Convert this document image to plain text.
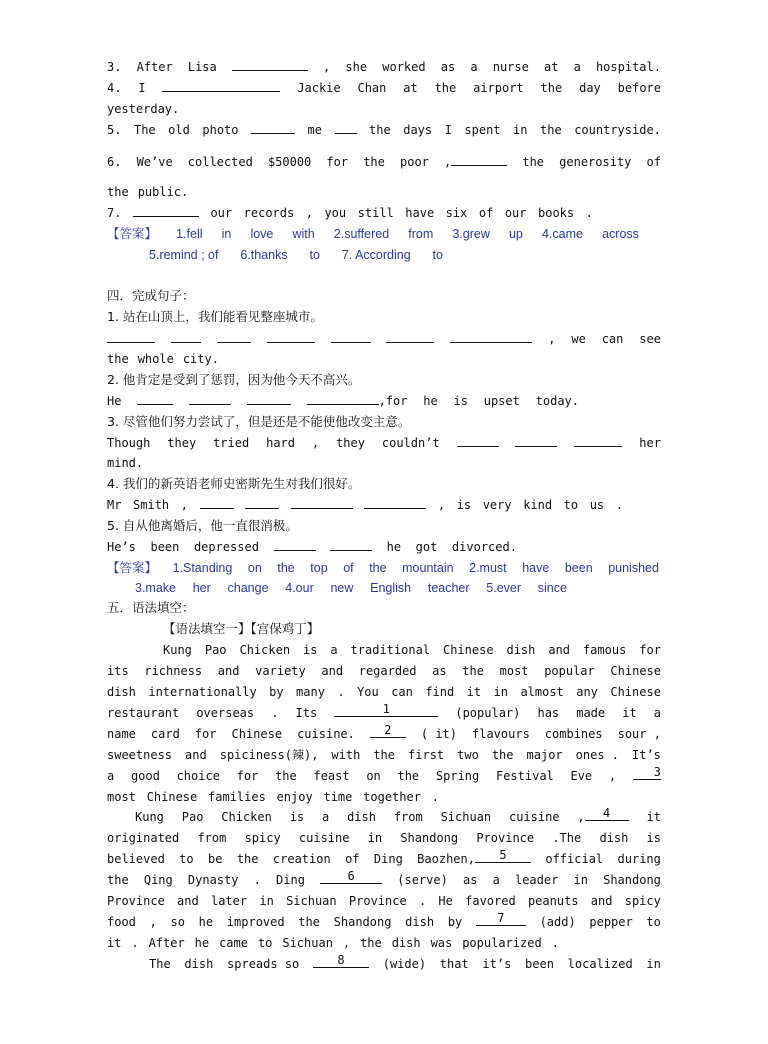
3. After Lisa	, she worked as a nurse at a hospital.
4. I	Jackie Chan at the airport the day before
yesterday.
5. The old photo	me	the days I spent in the countryside.
6. We’ve collected $50000 for the poor ,	the generosity of
the public.
7.	our records , you still have six of our books .
【答案】 1.fell in love with 2.suffered from 3.grew up 4.came across
5.remind ; of 6.thanks to 7. According to
四．完成句子：
1. 站在山顶上，我们能看见整座城市。
, we can see
the whole city.
2. 他肯定是受到了惩罚，因为他今天不高兴。
He	,for he is upset today.
3. 尽管他们努力尝试了，但是还是不能使他改变主意。
Though they tried hard , they couldn’t	her
mind.
4. 我们的新英语老师史密斯先生对我们很好。
Mr Smith ,	, is very kind to us .
5. 自从他离婚后，他一直很消极。
He’s been depressed	he got divorced.
【答案】 1.Standing on the top of the mountain 2.must have been punished
3.make her change 4.our new English teacher 5.ever since
五．语法填空：
【语法填空一】【宫保鸡丁】
Kung Pao Chicken is a traditional Chinese dish and famous for
its richness and variety and regarded as the most popular Chinese
dish internationally by many . You can find it in almost any Chinese
restaurant overseas . Its	1	(popular) has made it a
name card for Chinese cuisine.	2	( it) flavours combines sour ,
sweetness and spiciness(辣), with the first two the major ones . It’s
a good choice for the feast on the Spring Festival Eve ,	3
most Chinese families enjoy time together .
Kung Pao Chicken is a dish from Sichuan cuisine ,	4	it
originated from spicy cuisine in Shandong Province .The dish is
believed to be the creation of Ding Baozhen,	5	official during
the Qing Dynasty . Ding	6	(serve) as a leader in Shandong
Province and later in Sichuan Province . He favored peanuts and spicy
food , so he improved the Shandong dish by	7	(add) pepper to
it . After he came to Sichuan , the dish was popularized .
The dish spreads so	8	(wide) that it’s been localized in
